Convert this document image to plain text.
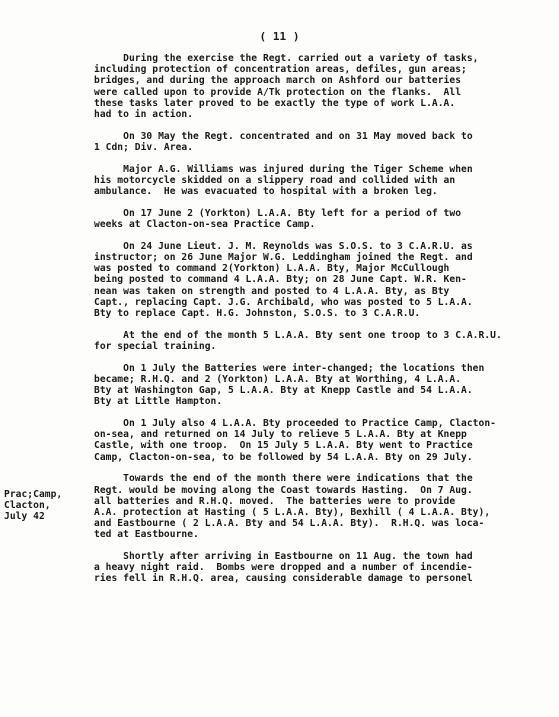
( 11 )
Prac;Camp,
Clacton,
July 42
During the exercise the Regt. carried out a variety of tasks,
including protection of concentration areas, defiles, gun areas;
bridges, and during the approach march on Ashford our batteries
were called upon to provide A/Tk protection on the flanks.  All
these tasks later proved to be exactly the type of work L.A.A.
had to in action.
On 30 May the Regt. concentrated and on 31 May moved back to
1 Cdn; Div. Area.
Major A.G. Williams was injured during the Tiger Scheme when
his motorcycle skidded on a slippery road and collided with an
ambulance.  He was evacuated to hospital with a broken leg.
On 17 June 2 (Yorkton) L.A.A. Bty left for a period of two
weeks at Clacton-on-sea Practice Camp.
On 24 June Lieut. J. M. Reynolds was S.O.S. to 3 C.A.R.U. as
instructor; on 26 June Major W.G. Leddingham joined the Regt. and
was posted to command 2(Yorkton) L.A.A. Bty, Major McCullough
being posted to command 4 L.A.A. Bty; on 28 June Capt. W.R. Ken-
nean was taken on strength and posted to 4 L.A.A. Bty, as Bty
Capt., replacing Capt. J.G. Archibald, who was posted to 5 L.A.A.
Bty to replace Capt. H.G. Johnston, S.O.S. to 3 C.A.R.U.
At the end of the month 5 L.A.A. Bty sent one troop to 3 C.A.R.U.
for special training.
On 1 July the Batteries were inter-changed; the locations then
became; R.H.Q. and 2 (Yorkton) L.A.A. Bty at Worthing, 4 L.A.A.
Bty at Washington Gap, 5 L.A.A. Bty at Knepp Castle and 54 L.A.A.
Bty at Little Hampton.
On 1 July also 4 L.A.A. Bty proceeded to Practice Camp, Clacton-
on-sea, and returned on 14 July to relieve 5 L.A.A. Bty at Knepp
Castle, with one troop.  On 15 July 5 L.A.A. Bty went to Practice
Camp, Clacton-on-sea, to be followed by 54 L.A.A. Bty on 29 July.
Towards the end of the month there were indications that the
Regt. would be moving along the Coast towards Hasting.  On 7 Aug.
all batteries and R.H.Q. moved.  The batteries were to provide
A.A. protection at Hasting ( 5 L.A.A. Bty), Bexhill ( 4 L.A.A. Bty),
and Eastbourne ( 2 L.A.A. Bty and 54 L.A.A. Bty).  R.H.Q. was loca-
ted at Eastbourne.
Shortly after arriving in Eastbourne on 11 Aug. the town had
a heavy night raid.  Bombs were dropped and a number of incendie-
ries fell in R.H.Q. area, causing considerable damage to personel
